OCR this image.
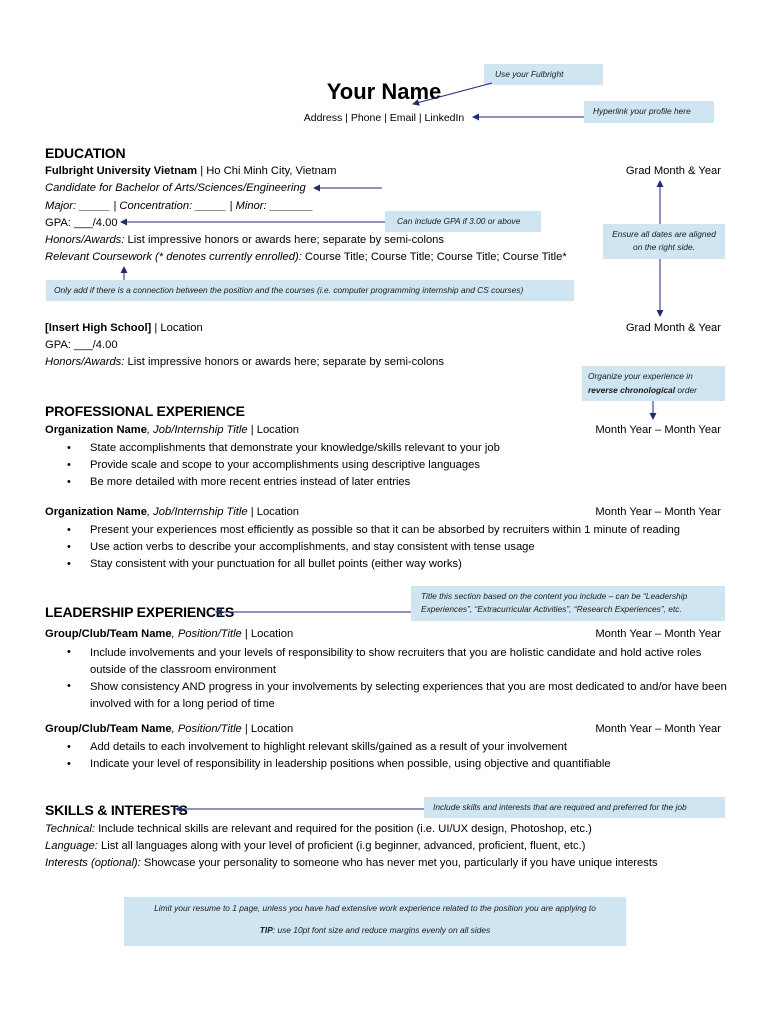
Your Name
Address | Phone | Email | LinkedIn
EDUCATION
Fulbright University Vietnam | Ho Chi Minh City, Vietnam	Grad Month & Year
Candidate for Bachelor of Arts/Sciences/Engineering
Major: _____ | Concentration: _____ | Minor: _______
GPA: ___/4.00
Honors/Awards: List impressive honors or awards here; separate by semi-colons
Relevant Coursework (* denotes currently enrolled): Course Title; Course Title; Course Title; Course Title*
[Insert High School] | Location	Grad Month & Year
GPA: ___/4.00
Honors/Awards: List impressive honors or awards here; separate by semi-colons
PROFESSIONAL EXPERIENCE
Organization Name, Job/Internship Title | Location	Month Year – Month Year
• State accomplishments that demonstrate your knowledge/skills relevant to your job
• Provide scale and scope to your accomplishments using descriptive languages
• Be more detailed with more recent entries instead of later entries
Organization Name, Job/Internship Title | Location	Month Year – Month Year
• Present your experiences most efficiently as possible so that it can be absorbed by recruiters within 1 minute of reading
• Use action verbs to describe your accomplishments, and stay consistent with tense usage
• Stay consistent with your punctuation for all bullet points (either way works)
LEADERSHIP EXPERIENCES
Group/Club/Team Name, Position/Title | Location	Month Year – Month Year
• Include involvements and your levels of responsibility to show recruiters that you are holistic candidate and hold active roles outside of the classroom environment
• Show consistency AND progress in your involvements by selecting experiences that you are most dedicated to and/or have been involved with for a long period of time
Group/Club/Team Name, Position/Title | Location	Month Year – Month Year
• Add details to each involvement to highlight relevant skills/gained as a result of your involvement
• Indicate your level of responsibility in leadership positions when possible, using objective and quantifiable
SKILLS & INTERESTS
Technical: Include technical skills are relevant and required for the position (i.e. UI/UX design, Photoshop, etc.)
Language: List all languages along with your level of proficient (i.g beginner, advanced, proficient, fluent, etc.)
Interests (optional): Showcase your personality to someone who has never met you, particularly if you have unique interests
Use your Fulbright
Hyperlink your profile here
Can include GPA if 3.00 or above
Ensure all dates are aligned on the right side.
Only add if there is a connection between the position and the courses (i.e. computer programming internship and CS courses)
Organize your experience in
reverse chronological order
Title this section based on the content you include – can be “Leadership Experiences”, “Extracurricular Activities”, “Research Experiences”, etc.
Include skills and interests that are required and preferred for the job
Limit your resume to 1 page, unless you have had extensive work experience related to the position you are applying to
TIP: use 10pt font size and reduce margins evenly on all sides
